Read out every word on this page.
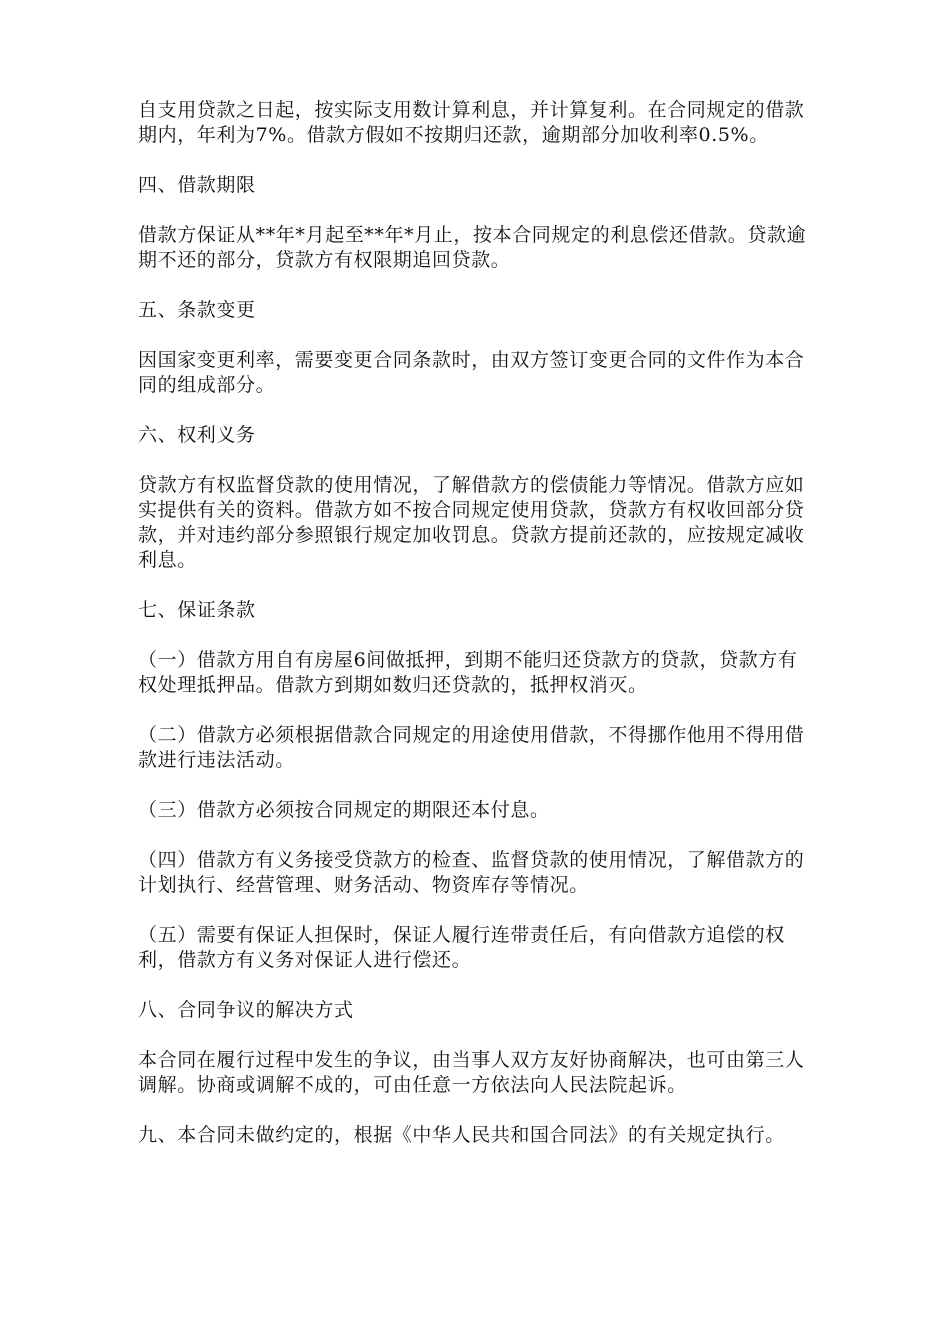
自支用贷款之日起，按实际支用数计算利息，并计算复利。在合同规定的借款期内，年利为7%。借款方假如不按期归还款，逾期部分加收利率0.5%。

四、借款期限

借款方保证从**年*月起至**年*月止，按本合同规定的利息偿还借款。贷款逾期不还的部分，贷款方有权限期追回贷款。

五、条款变更

因国家变更利率，需要变更合同条款时，由双方签订变更合同的文件作为本合同的组成部分。

六、权利义务

贷款方有权监督贷款的使用情况，了解借款方的偿债能力等情况。借款方应如实提供有关的资料。借款方如不按合同规定使用贷款，贷款方有权收回部分贷款，并对违约部分参照银行规定加收罚息。贷款方提前还款的，应按规定减收利息。

七、保证条款

（一）借款方用自有房屋6间做抵押，到期不能归还贷款方的贷款，贷款方有权处理抵押品。借款方到期如数归还贷款的，抵押权消灭。

（二）借款方必须根据借款合同规定的用途使用借款，不得挪作他用不得用借款进行违法活动。

（三）借款方必须按合同规定的期限还本付息。

（四）借款方有义务接受贷款方的检查、监督贷款的使用情况，了解借款方的计划执行、经营管理、财务活动、物资库存等情况。

（五）需要有保证人担保时，保证人履行连带责任后，有向借款方追偿的权利，借款方有义务对保证人进行偿还。

八、合同争议的解决方式

本合同在履行过程中发生的争议，由当事人双方友好协商解决，也可由第三人调解。协商或调解不成的，可由任意一方依法向人民法院起诉。

九、本合同未做约定的，根据《中华人民共和国合同法》的有关规定执行。
